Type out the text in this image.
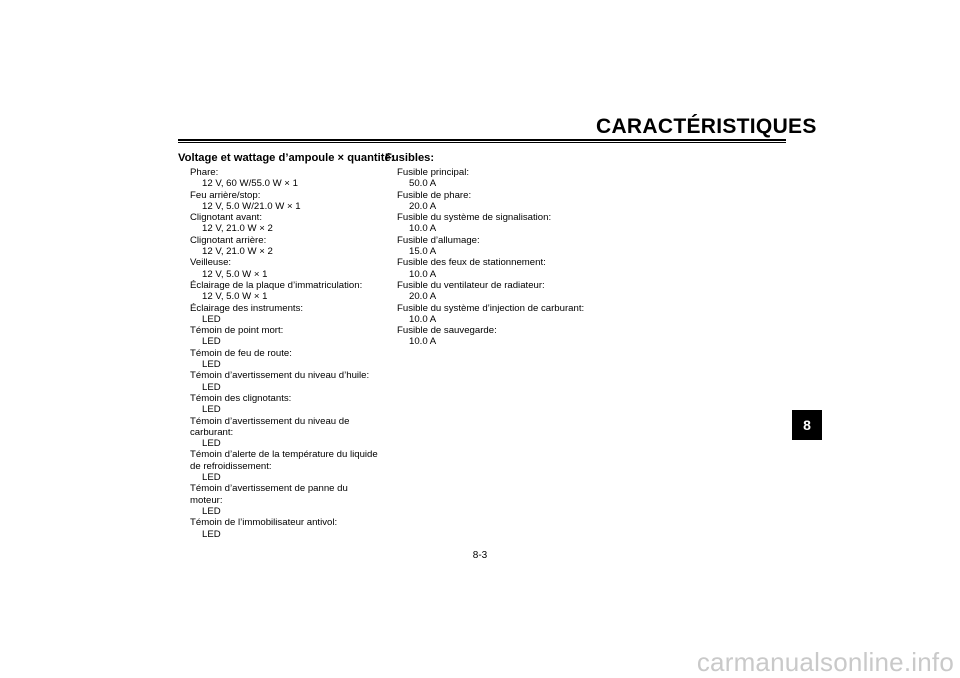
CARACTÉRISTIQUES
Voltage et wattage d’ampoule × quantité:
Phare:
12 V, 60 W/55.0 W × 1
Feu arrière/stop:
12 V, 5.0 W/21.0 W × 1
Clignotant avant:
12 V, 21.0 W × 2
Clignotant arrière:
12 V, 21.0 W × 2
Veilleuse:
12 V, 5.0 W × 1
Éclairage de la plaque d’immatriculation:
12 V, 5.0 W × 1
Éclairage des instruments:
LED
Témoin de point mort:
LED
Témoin de feu de route:
LED
Témoin d’avertissement du niveau d’huile:
LED
Témoin des clignotants:
LED
Témoin d’avertissement du niveau de carburant:
LED
Témoin d’alerte de la température du liquide de refroidissement:
LED
Témoin d’avertissement de panne du moteur:
LED
Témoin de l’immobilisateur antivol:
LED
Fusibles:
Fusible principal:
50.0 A
Fusible de phare:
20.0 A
Fusible du système de signalisation:
10.0 A
Fusible d’allumage:
15.0 A
Fusible des feux de stationnement:
10.0 A
Fusible du ventilateur de radiateur:
20.0 A
Fusible du système d’injection de carburant:
10.0 A
Fusible de sauvegarde:
10.0 A
8
8-3
carmanualsonline.info
